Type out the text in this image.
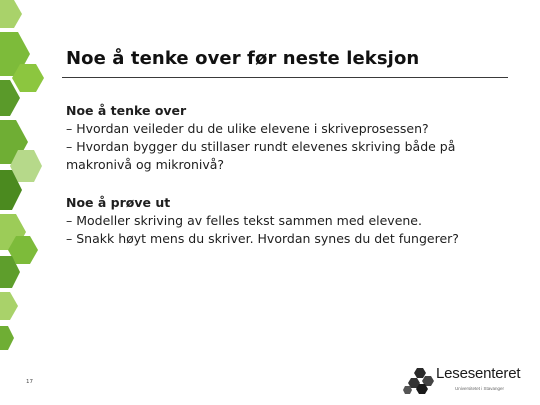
Noe å tenke over før neste leksjon

Noe å tenke over

– Hvordan veileder du de ulike elevene i skriveprosessen?

– Hvordan bygger du stillaser rundt elevenes skriving både på

makronivå og mikronivå?

Noe å prøve ut

– Modeller skriving av felles tekst sammen med elevene.

– Snakk høyt mens du skriver. Hvordan synes du det fungerer?

17	Lesesenteret
Universitetet i Stavanger
